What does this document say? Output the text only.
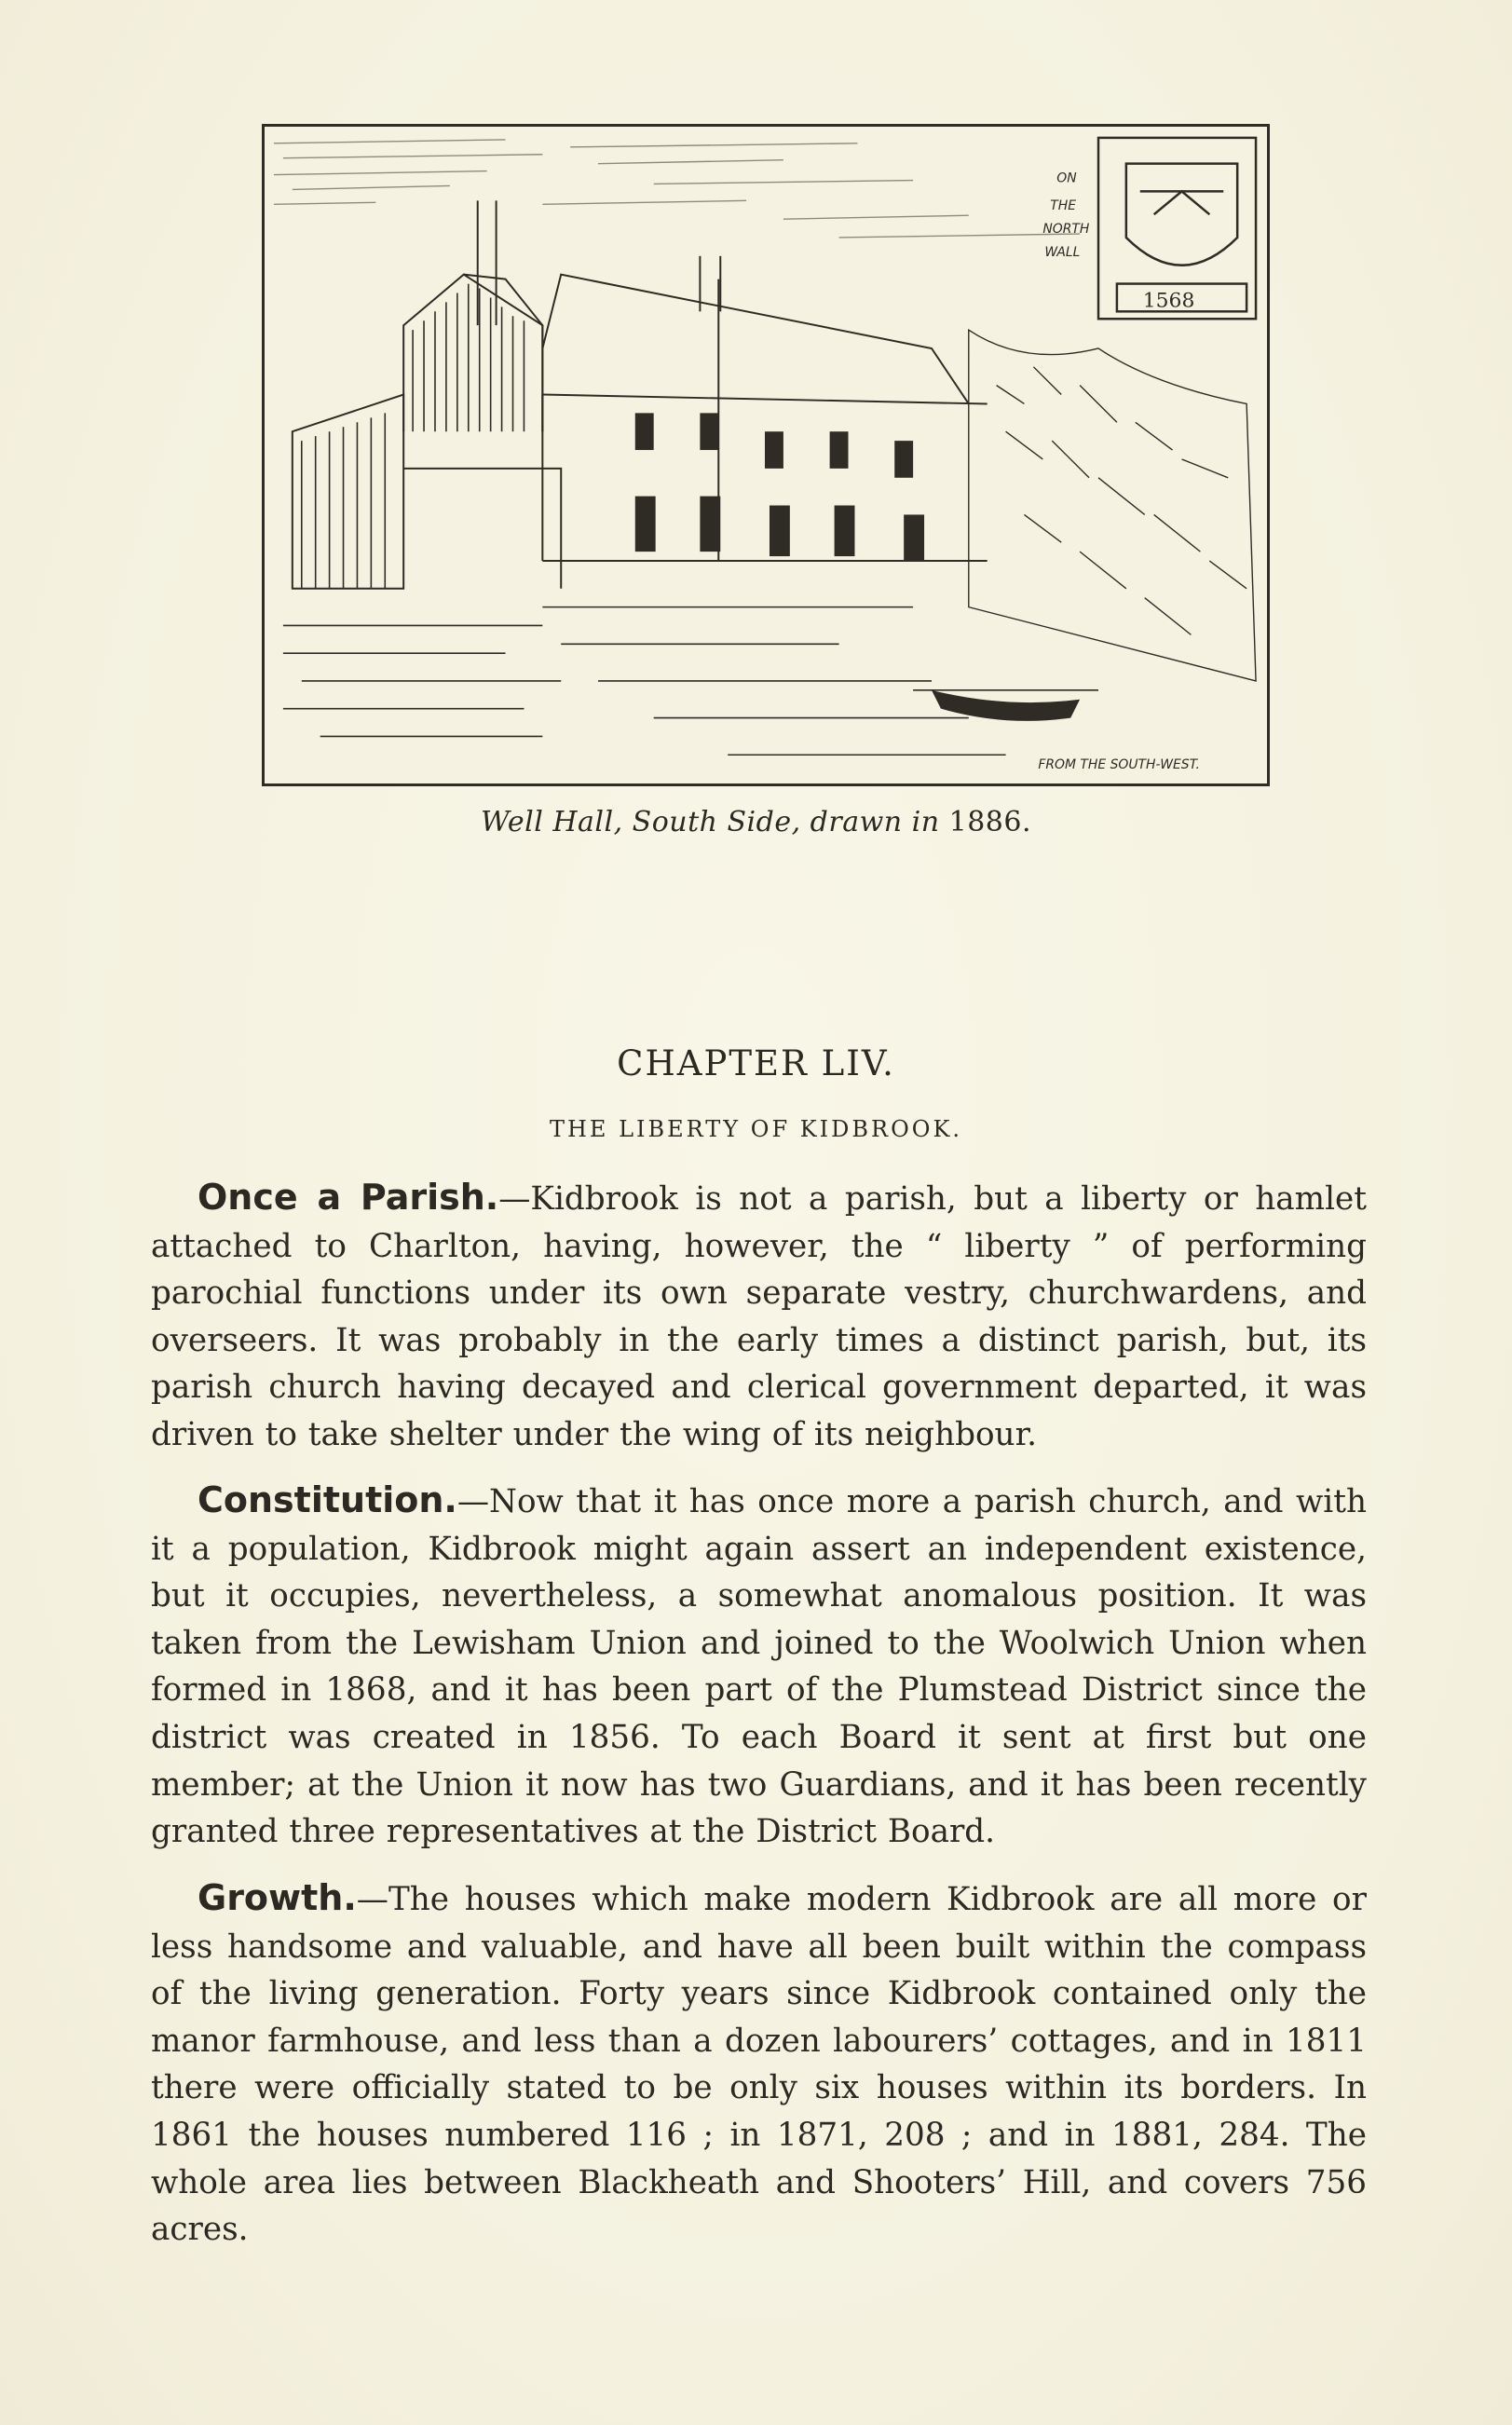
1568
ON
THE
NORTH
WALL
FROM THE SOUTH-WEST.
Well Hall, South Side, drawn in 1886.
CHAPTER LIV.
THE LIBERTY OF KIDBROOK.

Once a Parish.—Kidbrook is not a parish, but a liberty or hamlet attached to Charlton, having, however, the “ liberty ” of performing parochial functions under its own separate vestry, churchwardens, and overseers. It was probably in the early times a distinct parish, but, its parish church having decayed and clerical government departed, it was driven to take shelter under the wing of its neighbour.

Constitution.—Now that it has once more a parish church, and with it a population, Kidbrook might again assert an independent existence, but it occupies, nevertheless, a somewhat anomalous position. It was taken from the Lewisham Union and joined to the Woolwich Union when formed in 1868, and it has been part of the Plumstead District since the district was created in 1856. To each Board it sent at first but one member; at the Union it now has two Guardians, and it has been recently granted three representatives at the District Board.

Growth.—The houses which make modern Kidbrook are all more or less handsome and valuable, and have all been built within the compass of the living generation. Forty years since Kidbrook contained only the manor farmhouse, and less than a dozen labourers’ cottages, and in 1811 there were officially stated to be only six houses within its borders. In 1861 the houses numbered 116 ; in 1871, 208 ; and in 1881, 284. The whole area lies between Blackheath and Shooters’ Hill, and covers 756 acres.
